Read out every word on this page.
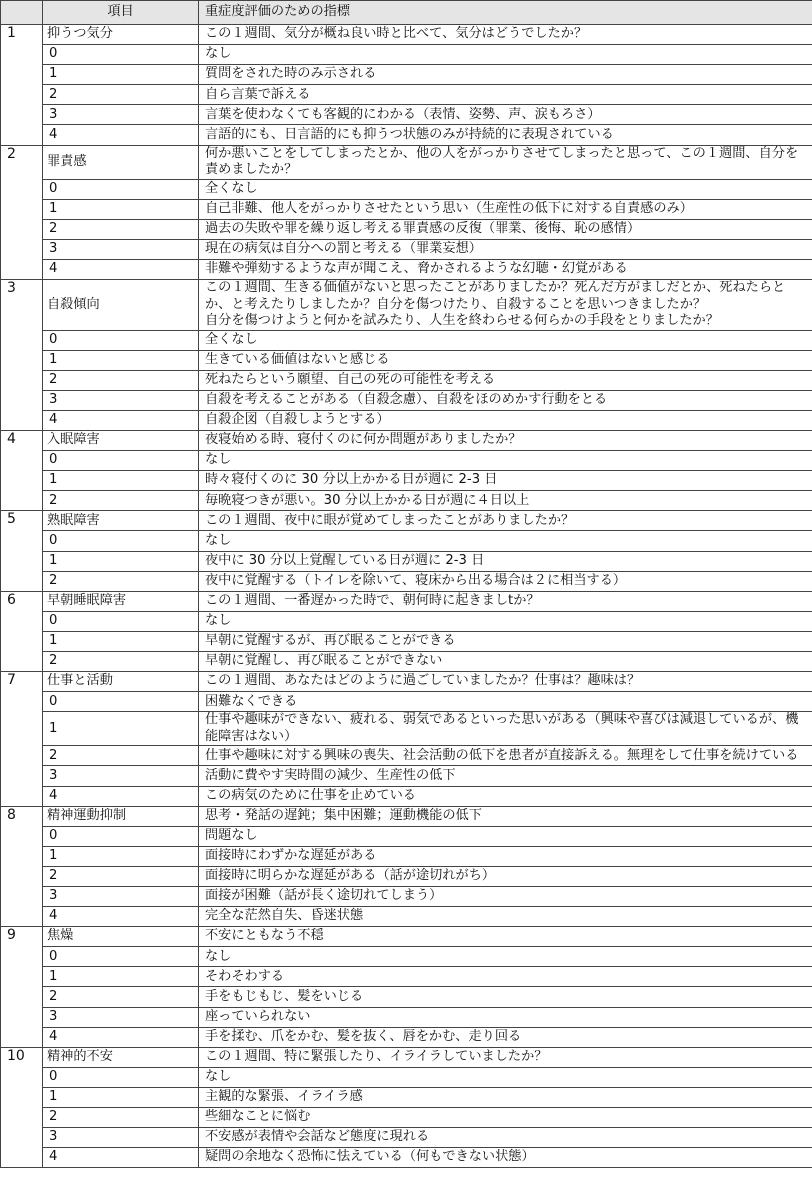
	項目	重症度評価のための指標
1	抑うつ気分	この１週間、気分が概ね良い時と比べて、気分はどうでしたか？

	0	なし
	1	質問をされた時のみ示される
	2	自ら言葉で訴える
	3	言葉を使わなくても客観的にわかる（表情、姿勢、声、涙もろさ）
	4	言語的にも、日言語的にも抑うつ状態のみが持続的に表現されている
2	罪責感	何か悪いことをしてしまったとか、他の人をがっかりさせてしまったと思って、この１週間、自分を責めましたか？

	0	全くなし
	1	自己非難、他人をがっかりさせたという思い（生産性の低下に対する自責感のみ）
	2	過去の失敗や罪を繰り返し考える罪責感の反復（罪業、後悔、恥の感情）
	3	現在の病気は自分への罰と考える（罪業妄想）
	4	非難や弾劾するような声が聞こえ、脅かされるような幻聴・幻覚がある
3	自殺傾向	この１週間、生きる価値がないと思ったことがありましたか？死んだ方がましだとか、死ねたらとか、と考えたりしましたか？自分を傷つけたり、自殺することを思いつきましたか？
自分を傷つけようと何かを試みたり、人生を終わらせる何らかの手段をとりましたか？

	0	全くなし
	1	生きている価値はないと感じる
	2	死ねたらという願望、自己の死の可能性を考える
	3	自殺を考えることがある（自殺念慮）、自殺をほのめかす行動をとる
	4	自殺企図（自殺しようとする）
4	入眠障害	夜寝始める時、寝付くのに何か問題がありましたか？

	0	なし
	1	時々寝付くのに 30 分以上かかる日が週に 2-3 日
	2	毎晩寝つきが悪い。30 分以上かかる日が週に４日以上
5	熟眠障害	この１週間、夜中に眼が覚めてしまったことがありましたか？

	0	なし
	1	夜中に 30 分以上覚醒している日が週に 2-3 日
	2	夜中に覚醒する（トイレを除いて、寝床から出る場合は２に相当する）
6	早朝睡眠障害	この１週間、一番遅かった時で、朝何時に起きましtか？

	0	なし
	1	早朝に覚醒するが、再び眠ることができる
	2	早朝に覚醒し、再び眠ることができない
7	仕事と活動	この１週間、あなたはどのように過ごしていましたか？仕事は？趣味は？

	0	困難なくできる
	1	仕事や趣味ができない、疲れる、弱気であるといった思いがある（興味や喜びは減退しているが、機能障害はない）
	2	仕事や趣味に対する興味の喪失、社会活動の低下を患者が直接訴える。無理をして仕事を続けている
	3	活動に費やす実時間の減少、生産性の低下
	4	この病気のために仕事を止めている
8	精神運動抑制	思考・発話の遅鈍；集中困難；運動機能の低下

	0	問題なし
	1	面接時にわずかな遅延がある
	2	面接時に明らかな遅延がある（話が途切れがち）
	3	面接が困難（話が長く途切れてしまう）
	4	完全な茫然自失、昏迷状態
9	焦燥	不安にともなう不穏

	0	なし
	1	そわそわする
	2	手をもじもじ、髪をいじる
	3	座っていられない
	4	手を揉む、爪をかむ、髪を抜く、唇をかむ、走り回る
10	精神的不安	この１週間、特に緊張したり、イライラしていましたか？

	0	なし
	1	主観的な緊張、イライラ感
	2	些細なことに悩む
	3	不安感が表情や会話など態度に現れる
	4	疑問の余地なく恐怖に怯えている（何もできない状態）
